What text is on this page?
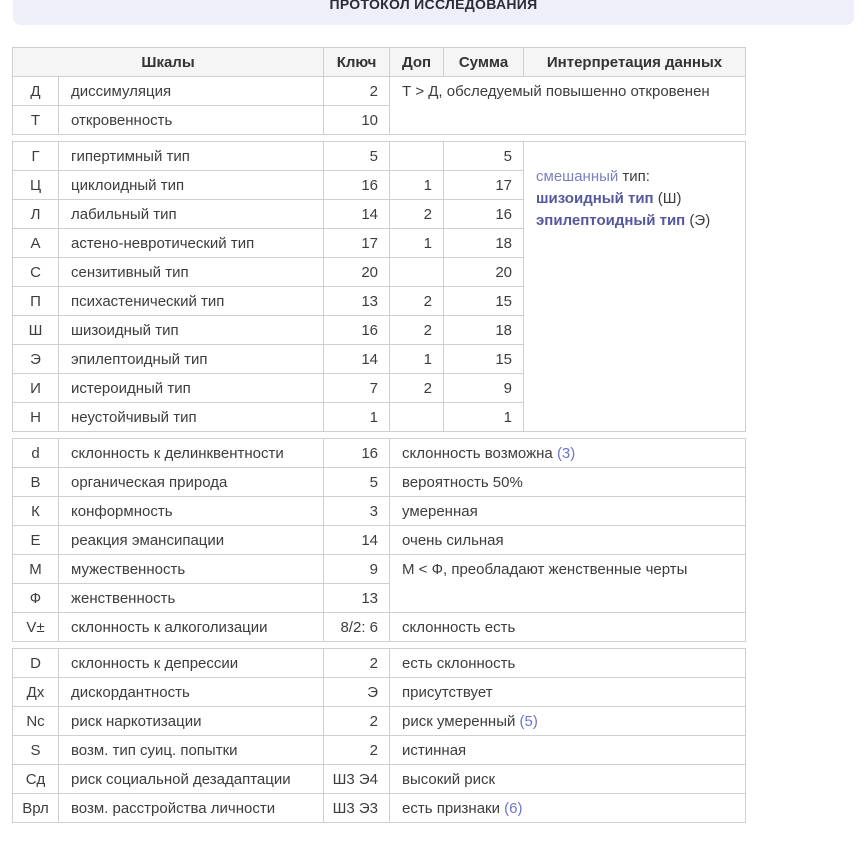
ПРОТОКОЛ ИССЛЕДОВАНИЯ
Шкалы		Ключ	Доп	Сумма	Интерпретация данных
Д	диссимуляция	2	Т > Д, обследуемый повышенно откровенен		
Т	откровенность	10			
Г	гипертимный тип	5		5	смешанный тип:
шизоидный тип (Ш)
эпилептоидный тип (Э)
Ц	циклоидный тип	16	1	17	
Л	лабильный тип	14	2	16	
А	астено-невротический тип	17	1	18	
С	сензитивный тип	20		20	
П	психастенический тип	13	2	15	
Ш	шизоидный тип	16	2	18	
Э	эпилептоидный тип	14	1	15	
И	истероидный тип	7	2	9	
Н	неустойчивый тип	1		1	
d	склонность к делинквентности	16	склонность возможна (3)
В	органическая природа	5	вероятность 50%
К	конформность	3	умеренная
Е	реакция эмансипации	14	очень сильная
М	мужественность	9	М < Ф, преобладают женственные черты
Ф	женственность	13	
V±	склонность к алкоголизации	8/2: 6	склонность есть
D	склонность к депрессии	2	есть склонность
Дх	дискордантность	Э	присутствует
Nc	риск наркотизации	2	риск умеренный (5)
S	возм. тип суиц. попытки	2	истинная
Сд	риск социальной дезадаптации	Ш3 Э4	высокий риск
Врл	возм. расстройства личности	Ш3 Э3	есть признаки (6)
